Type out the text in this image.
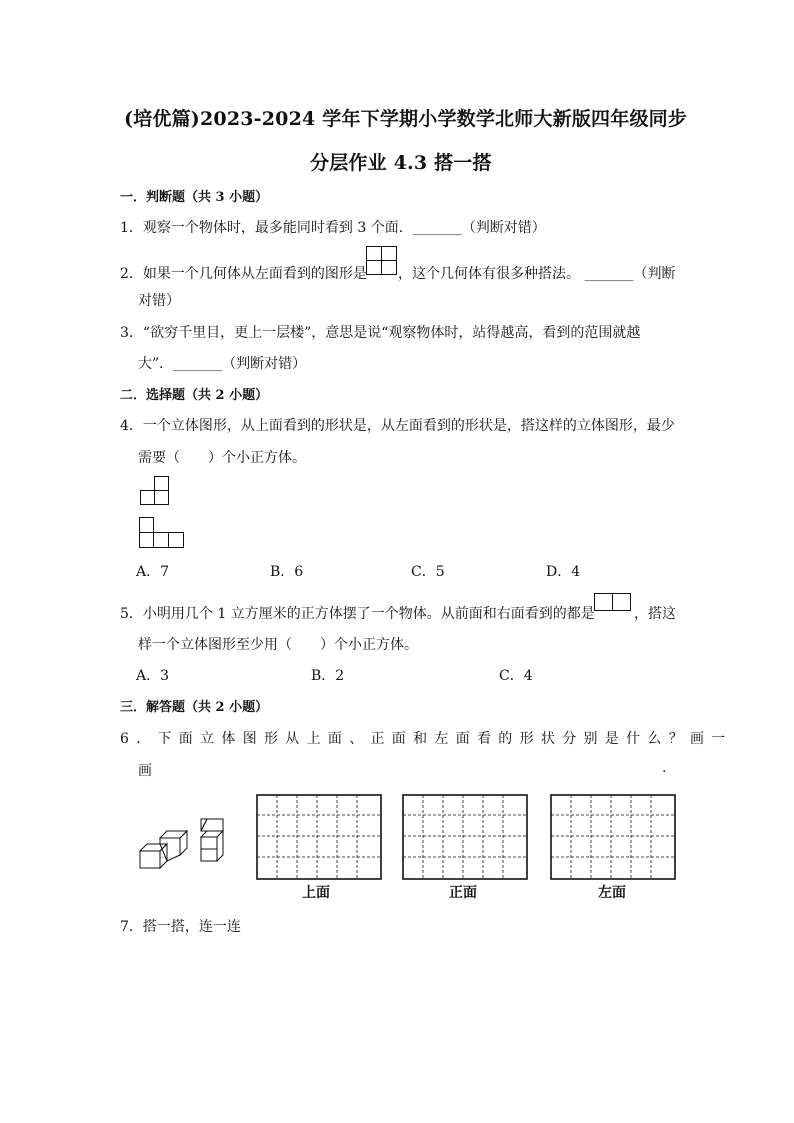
(培优篇)2023-2024 学年下学期小学数学北师大新版四年级同步
分层作业 4.3 搭一搭
一．判断题（共 3 小题）
1．观察一个物体时，最多能同时看到 3 个面．_______（判断对错）
2．如果一个几何体从左面看到的图形是 ，这个几何体有很多种搭法。 _______（判断
对错）
3．“欲穷千里目，更上一层楼”，意思是说“观察物体时，站得越高，看到的范围就越
大”．_______（判断对错）
二．选择题（共 2 小题）
4．一个立体图形，从上面看到的形状是，从左面看到的形状是，搭这样的立体图形，最少
需要（　　）个小正方体。
A．7	B．6	C．5	D．4
5．小明用几个 1 立方厘米的正方体摆了一个物体。从前面和右面看到的都是	，搭这
样一个立体图形至少用（　　）个小正方体。
A．3	B．2	C．4
三．解答题（共 2 小题）
6．下面立体图形从上面、正面和左面看的形状分别是什么？画一
画	.
上面	正面	左面
7．搭一搭，连一连
